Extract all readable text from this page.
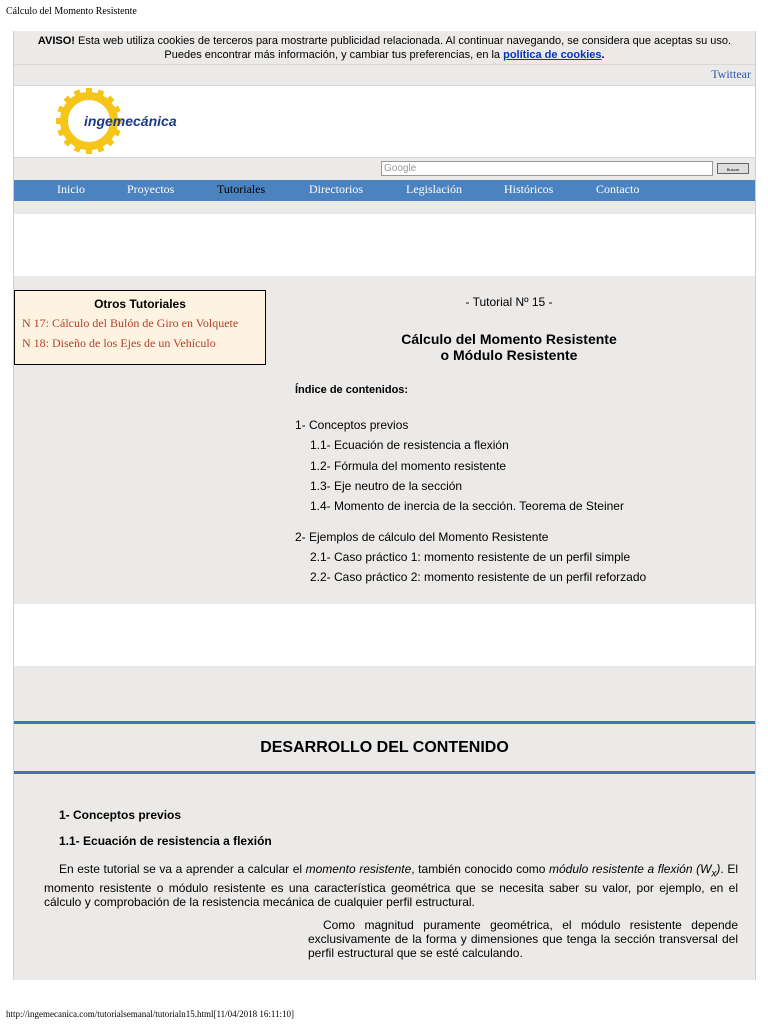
Cálculo del Momento Resistente
AVISO! Esta web utiliza cookies de terceros para mostrarte publicidad relacionada. Al continuar navegando, se considera que aceptas su uso.
Puedes encontrar más información, y cambiar tus preferencias, en la política de cookies.
Twittear
ingemecánica
Google	Buscar
Inicio	Proyectos	Tutoriales	Directorios	Legislación	Históricos	Contacto
Otros Tutoriales
N 17: Cálculo del Bulón de Giro en Volquete
N 18: Diseño de los Ejes de un Vehículo
- Tutorial Nº 15 -
Cálculo del Momento Resistente
o Módulo Resistente
Índice de contenidos:
1- Conceptos previos
1.1- Ecuación de resistencia a flexión
1.2- Fórmula del momento resistente
1.3- Eje neutro de la sección
1.4- Momento de inercia de la sección. Teorema de Steiner
2- Ejemplos de cálculo del Momento Resistente
2.1- Caso práctico 1: momento resistente de un perfil simple
2.2- Caso práctico 2: momento resistente de un perfil reforzado
DESARROLLO DEL CONTENIDO
1- Conceptos previos
1.1- Ecuación de resistencia a flexión
En este tutorial se va a aprender a calcular el momento resistente, también conocido como módulo resistente a flexión $(W_x)$. El momento resistente o módulo resistente es una característica geométrica que se necesita saber su valor, por ejemplo, en el cálculo y comprobación de la resistencia mecánica de cualquier perfil estructural.
Como magnitud puramente geométrica, el módulo resistente depende exclusivamente de la forma y dimensiones que tenga la sección transversal del perfil estructural que se esté calculando.
http://ingemecanica.com/tutorialsemanal/tutorialn15.html[11/04/2018 16:11:10]
